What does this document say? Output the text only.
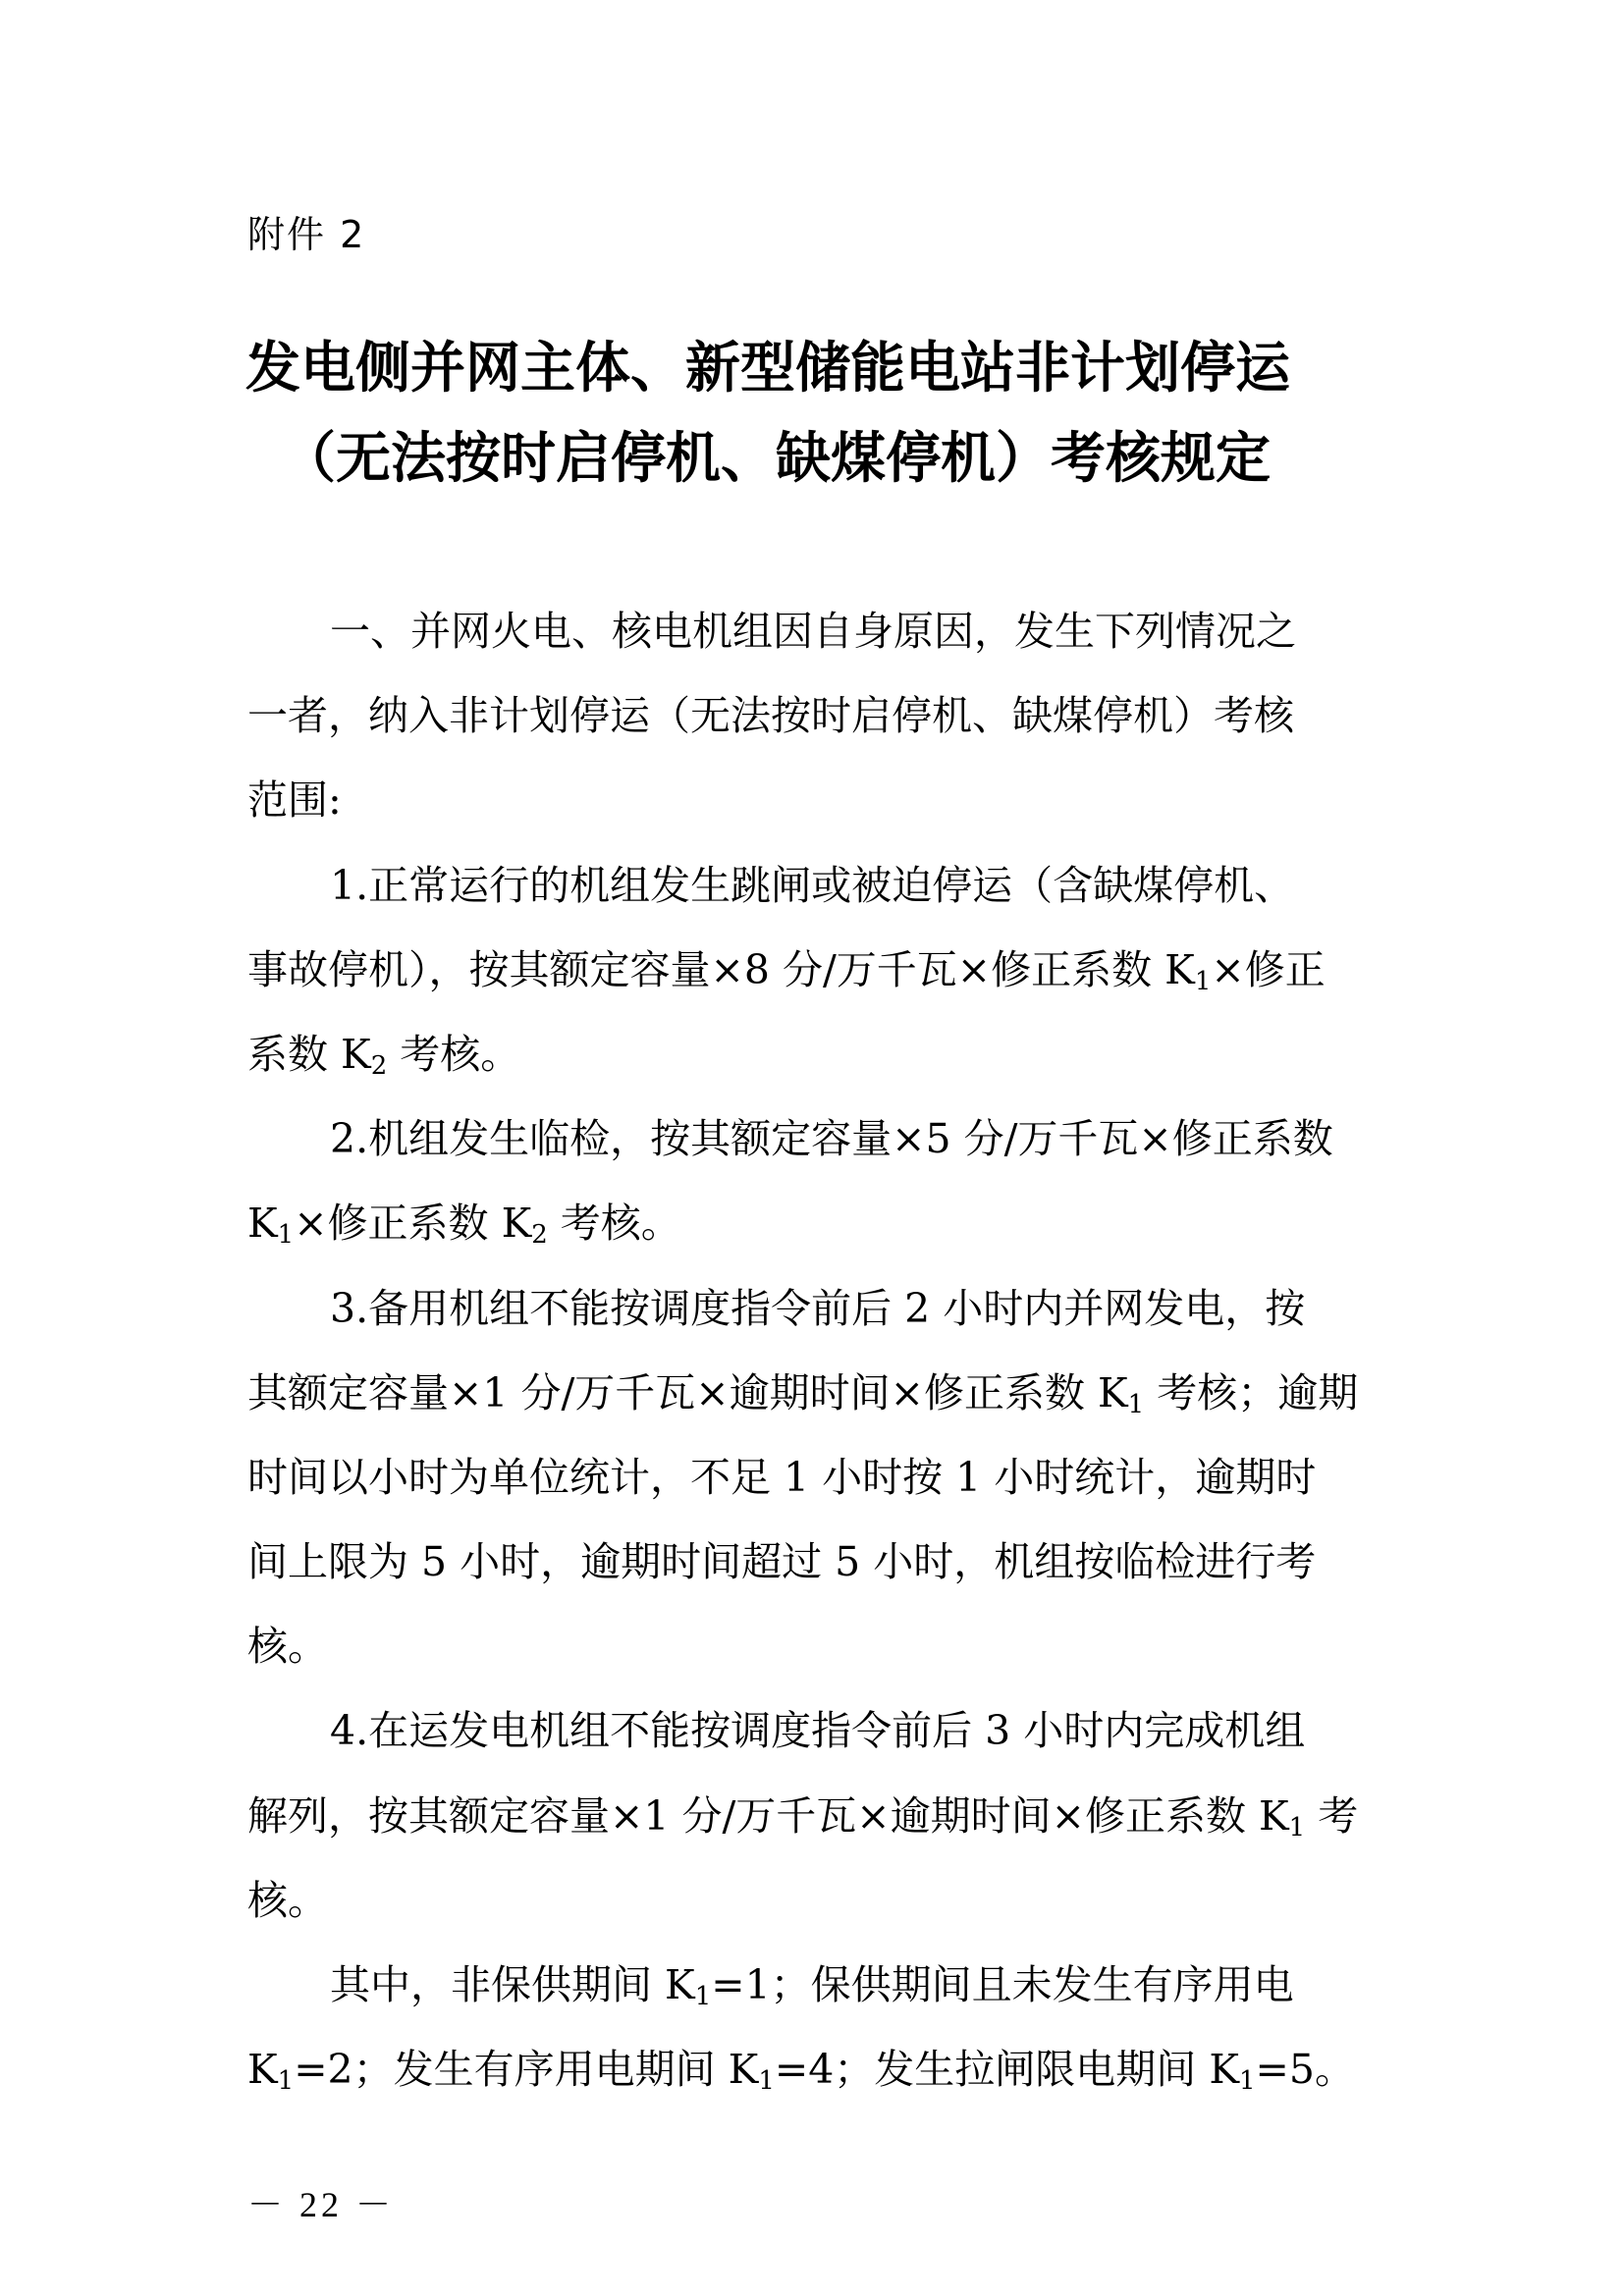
附件 2
发电侧并网主体、新型储能电站非计划停运
（无法按时启停机、缺煤停机）考核规定
一、并网火电、核电机组因自身原因，发生下列情况之
一者，纳入非计划停运（无法按时启停机、缺煤停机）考核
范围:
1.正常运行的机组发生跳闸或被迫停运（含缺煤停机、
事故停机），按其额定容量×8 分/万千瓦×修正系数 $K_1\times$修正
系数 $K_2$ 考核。
2.机组发生临检，按其额定容量×5 分/万千瓦×修正系数
$K_1\times$修正系数 $K_2$ 考核。
3.备用机组不能按调度指令前后 2 小时内并网发电，按
其额定容量×1 分/万千瓦×逾期时间×修正系数 $K_1$ 考核；逾期
时间以小时为单位统计，不足 1 小时按 1 小时统计，逾期时
间上限为 5 小时，逾期时间超过 5 小时，机组按临检进行考
核。
4.在运发电机组不能按调度指令前后 3 小时内完成机组
解列，按其额定容量×1 分/万千瓦×逾期时间×修正系数 $K_1$ 考
核。
其中，非保供期间 $K_1=1$；保供期间且未发生有序用电
$K_1=2$；发生有序用电期间 $K_1=4$；发生拉闸限电期间 $K_1=5$。
－ 22 －
